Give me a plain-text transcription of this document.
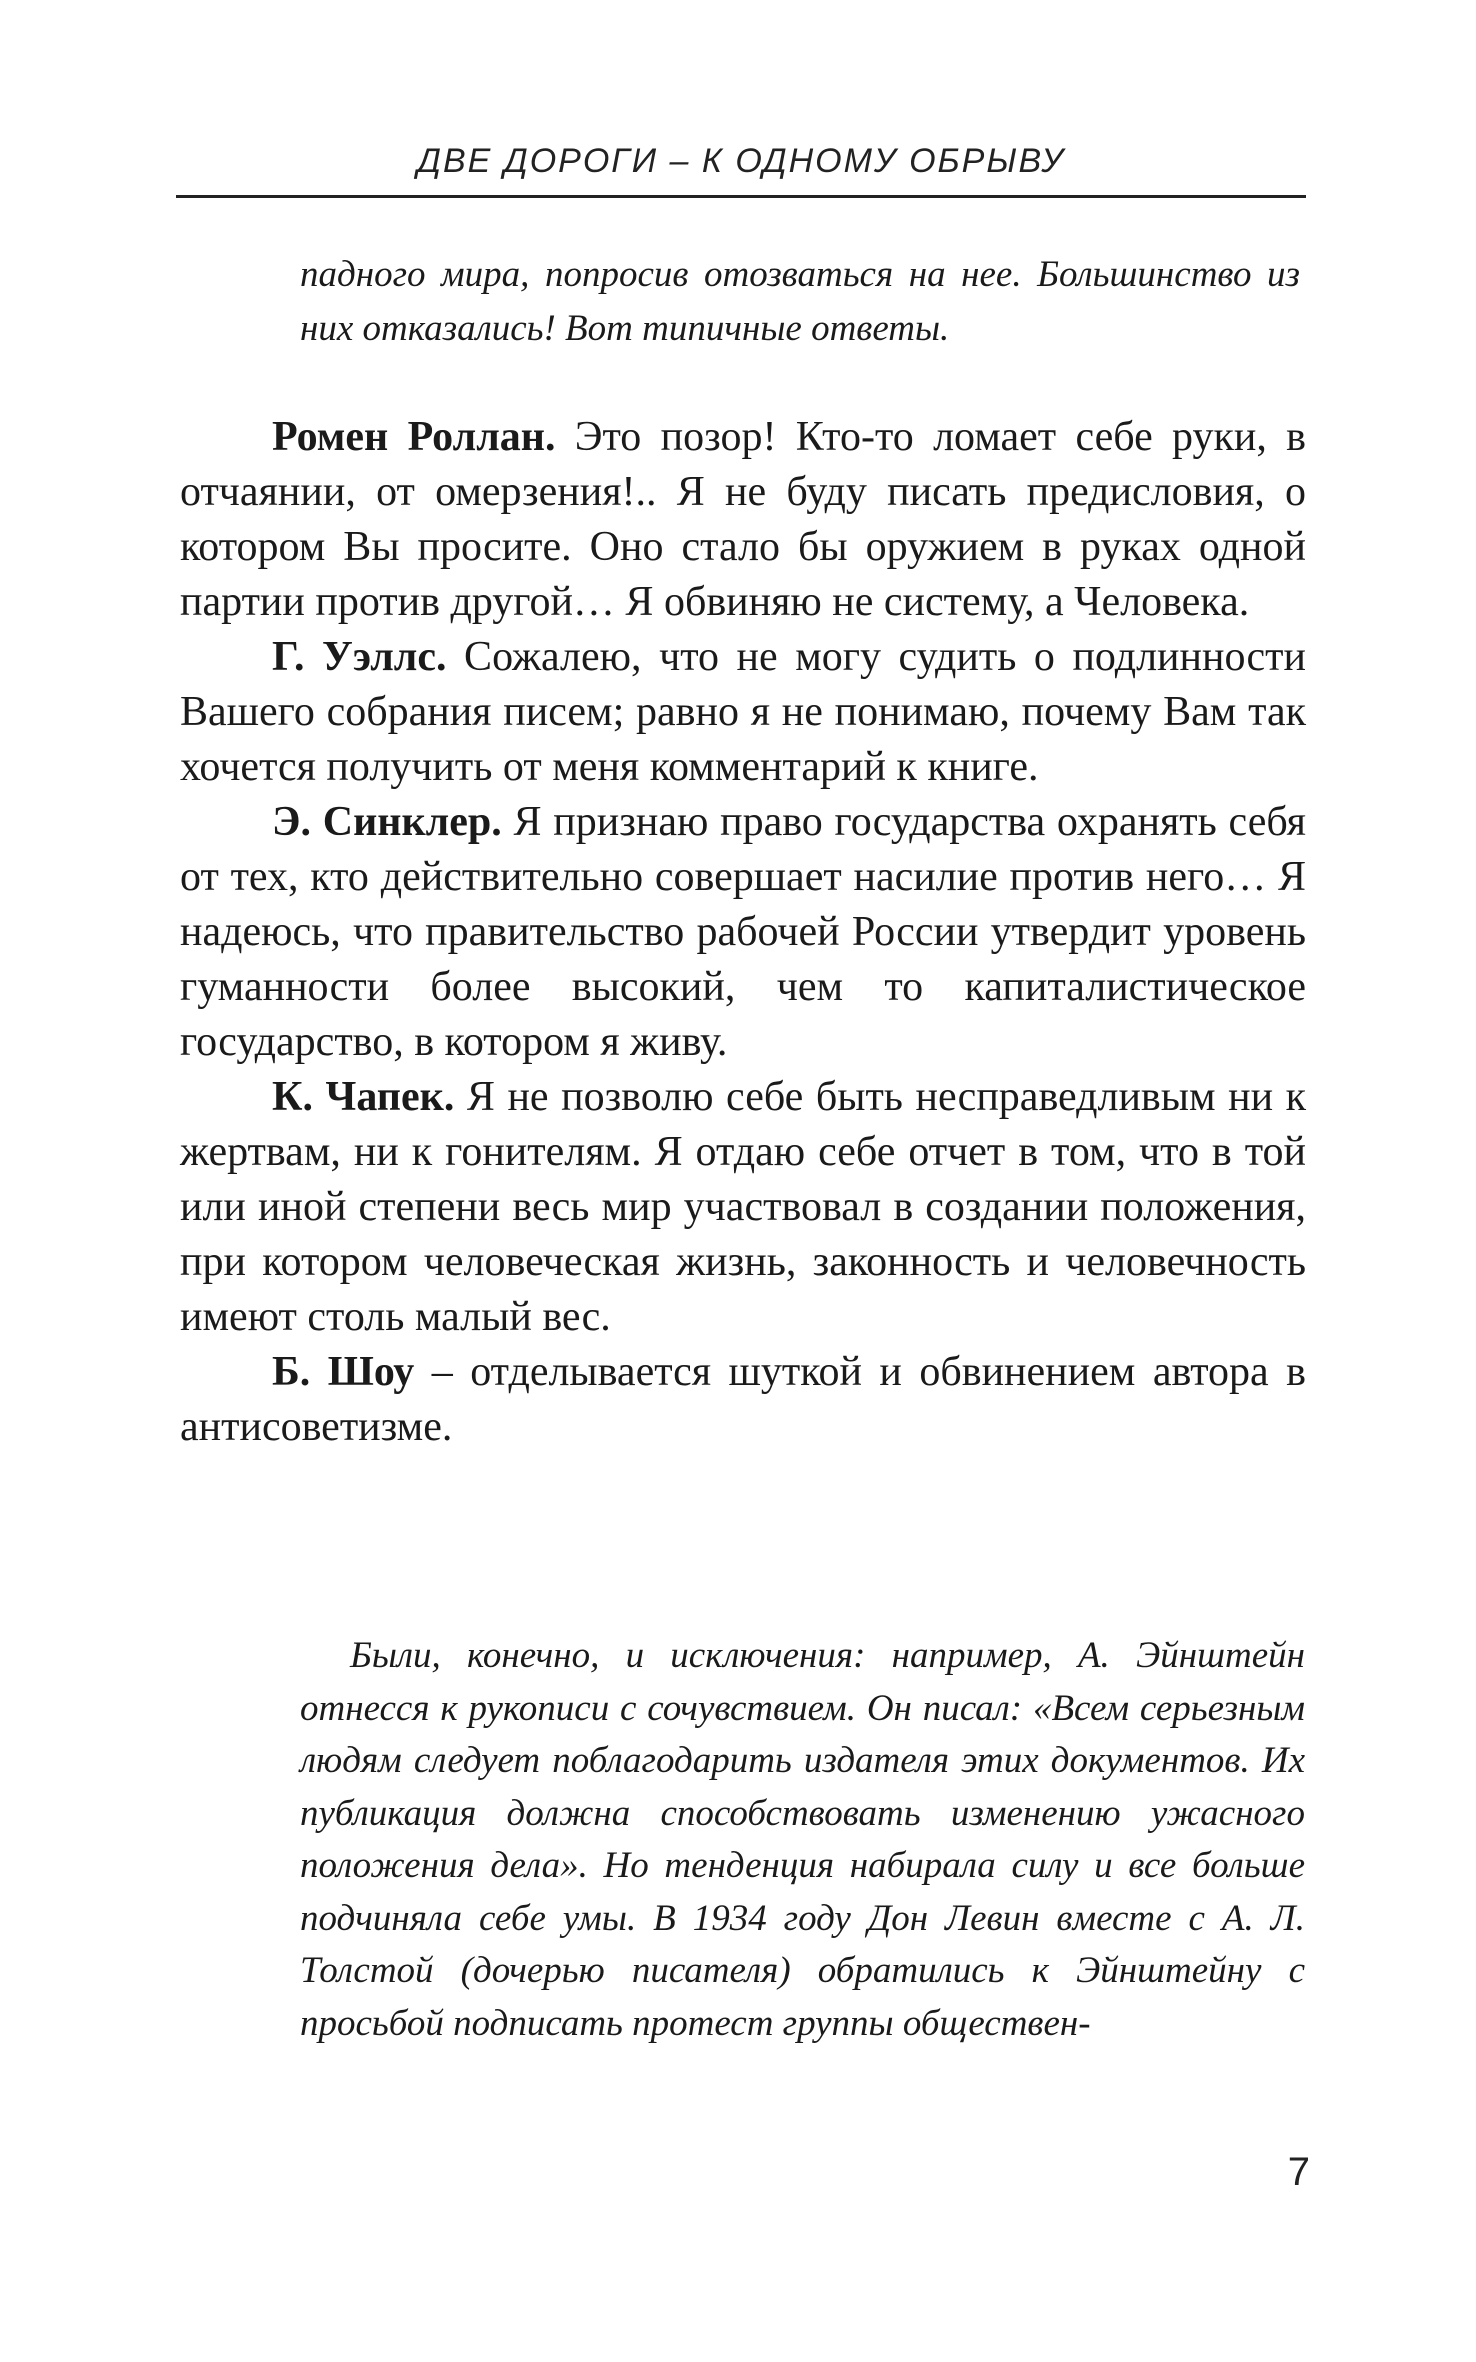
ДВЕ ДОРОГИ – К ОДНОМУ ОБРЫВУ

падного мира, попросив отозваться на нее. Большинство из них отказались! Вот типичные ответы.

Ромен Роллан. Это позор! Кто-то ломает себе руки, в отчаянии, от омерзения!.. Я не буду писать предисловия, о котором Вы просите. Оно стало бы оружием в руках одной партии против другой… Я обвиняю не систему, а Человека.

Г. Уэллс. Сожалею, что не могу судить о подлинности Вашего собрания писем; равно я не понимаю, почему Вам так хочется получить от меня комментарий к книге.

Э. Синклер. Я признаю право государства охранять себя от тех, кто действительно совершает насилие против него… Я надеюсь, что правительство рабочей России утвердит уровень гуманности более высокий, чем то капиталистическое государство, в котором я живу.

К. Чапек. Я не позволю себе быть несправедливым ни к жертвам, ни к гонителям. Я отдаю себе отчет в том, что в той или иной степени весь мир участвовал в создании положения, при котором человеческая жизнь, законность и человечность имеют столь малый вес.

Б. Шоу – отделывается шуткой и обвинением автора в антисоветизме.

Были, конечно, и исключения: например, А. Эйнштейн отнесся к рукописи с сочувствием. Он писал: «Всем серьезным людям следует поблагодарить издателя этих документов. Их публикация должна способствовать изменению ужасного положения дела». Но тенденция набирала силу и все больше подчиняла себе умы. В 1934 году Дон Левин вместе с А. Л. Толстой (дочерью писателя) обратились к Эйнштейну с просьбой подписать протест группы обществен-

7
